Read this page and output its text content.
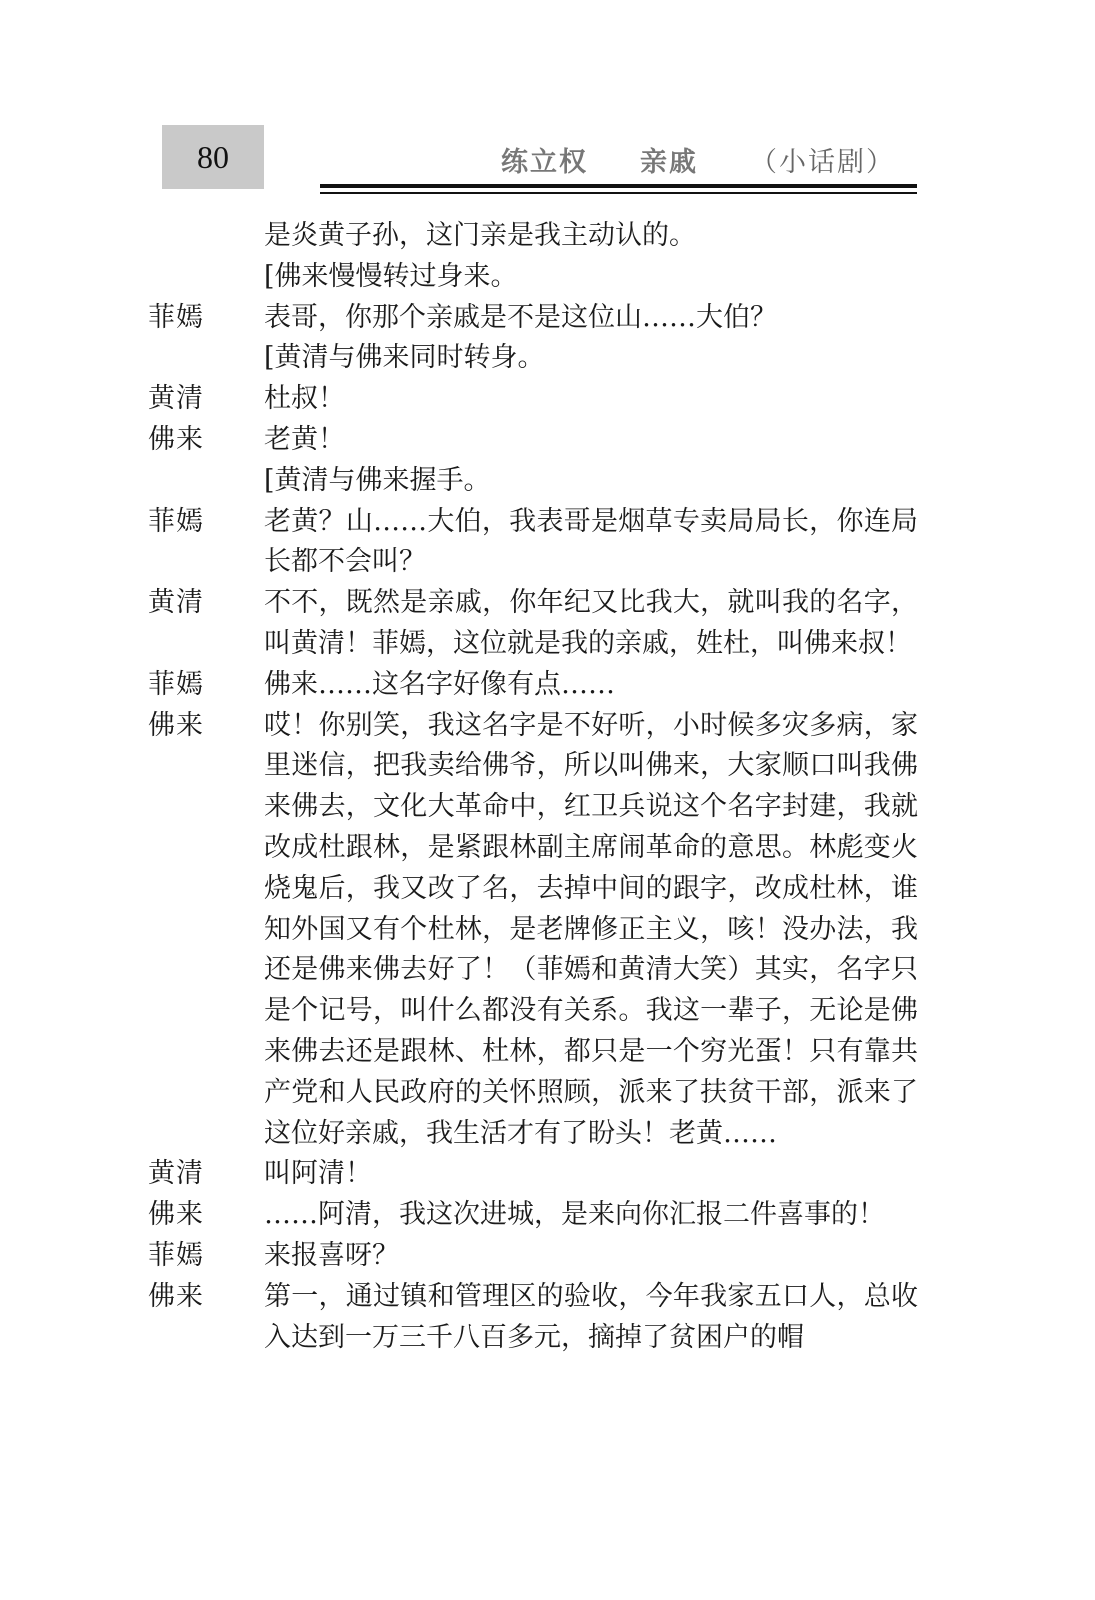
80	练立权 亲戚 （小话剧）
是炎黄子孙，这门亲是我主动认的。
[佛来慢慢转过身来。
菲嫣	表哥，你那个亲戚是不是这位山……大伯？
[黄清与佛来同时转身。
黄清	杜叔！
佛来	老黄！
[黄清与佛来握手。
菲嫣	老黄？山……大伯，我表哥是烟草专卖局局长，你连局长都不会叫？
黄清	不不，既然是亲戚，你年纪又比我大，就叫我的名字，叫黄清！菲嫣，这位就是我的亲戚，姓杜，叫佛来叔！
菲嫣	佛来……这名字好像有点……
佛来	哎！你别笑，我这名字是不好听，小时候多灾多病，家里迷信，把我卖给佛爷，所以叫佛来，大家顺口叫我佛来佛去，文化大革命中，红卫兵说这个名字封建，我就改成杜跟林，是紧跟林副主席闹革命的意思。林彪变火烧鬼后，我又改了名，去掉中间的跟字，改成杜林，谁知外国又有个杜林，是老牌修正主义，咳！没办法，我还是佛来佛去好了！（菲嫣和黄清大笑）其实，名字只是个记号，叫什么都没有关系。我这一辈子，无论是佛来佛去还是跟林、杜林，都只是一个穷光蛋！只有靠共产党和人民政府的关怀照顾，派来了扶贫干部，派来了这位好亲戚，我生活才有了盼头！老黄……
黄清	叫阿清！
佛来	……阿清，我这次进城，是来向你汇报二件喜事的！
菲嫣	来报喜呀？
佛来	第一，通过镇和管理区的验收，今年我家五口人，总收入达到一万三千八百多元，摘掉了贫困户的帽
